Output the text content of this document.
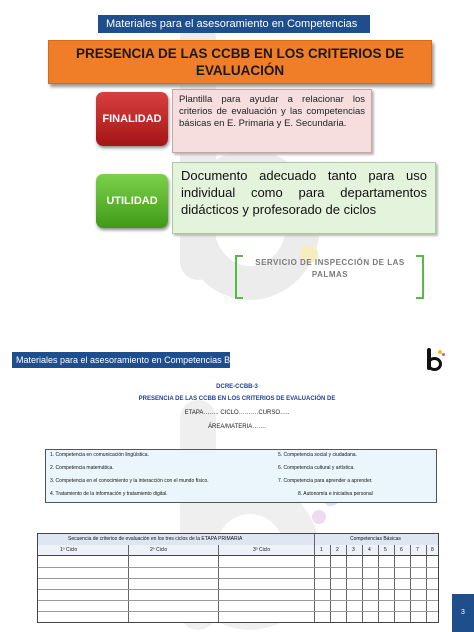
Materiales para el asesoramiento en Competencias
PRESENCIA DE LAS CCBB EN LOS CRITERIOS DE
EVALUACIÓN
FINALIDAD
Plantilla para ayudar a relacionar los criterios de evaluación y las competencias básicas en E. Primaria y E. Secundaria.
UTILIDAD
Documento adecuado tanto para uso individual como para departamentos didácticos y profesorado de ciclos
SERVICIO DE INSPECCIÓN DE LAS PALMAS
Materiales para el asesoramiento en Competencias Básicas
DCRE-CCBB-3
PRESENCIA DE LAS CCBB EN LOS CRITERIOS DE EVALUACIÓN DE
ETAPA…….. CICLO……….CURSO…..
ÁREA/MATERIA…….
1. Competencia en comunicación lingüística.
2. Competencia matemática.
3. Competencia en el conocimiento y la interacción con el mundo físico.
4. Tratamiento de la información y tratamiento digital.
5. Competencia social y ciudadana.
6. Competencia cultural y artística.
7. Competencia para aprender a aprender.
8. Autonomía e iniciativa personal
Secuencia de criterios de evaluación en los tres ciclos de la ETAPA PRIMARIA	Competencias Básicas
1º Ciclo	2º Ciclo	3º Ciclo	1	2	3	4	5	6	7 8
3
